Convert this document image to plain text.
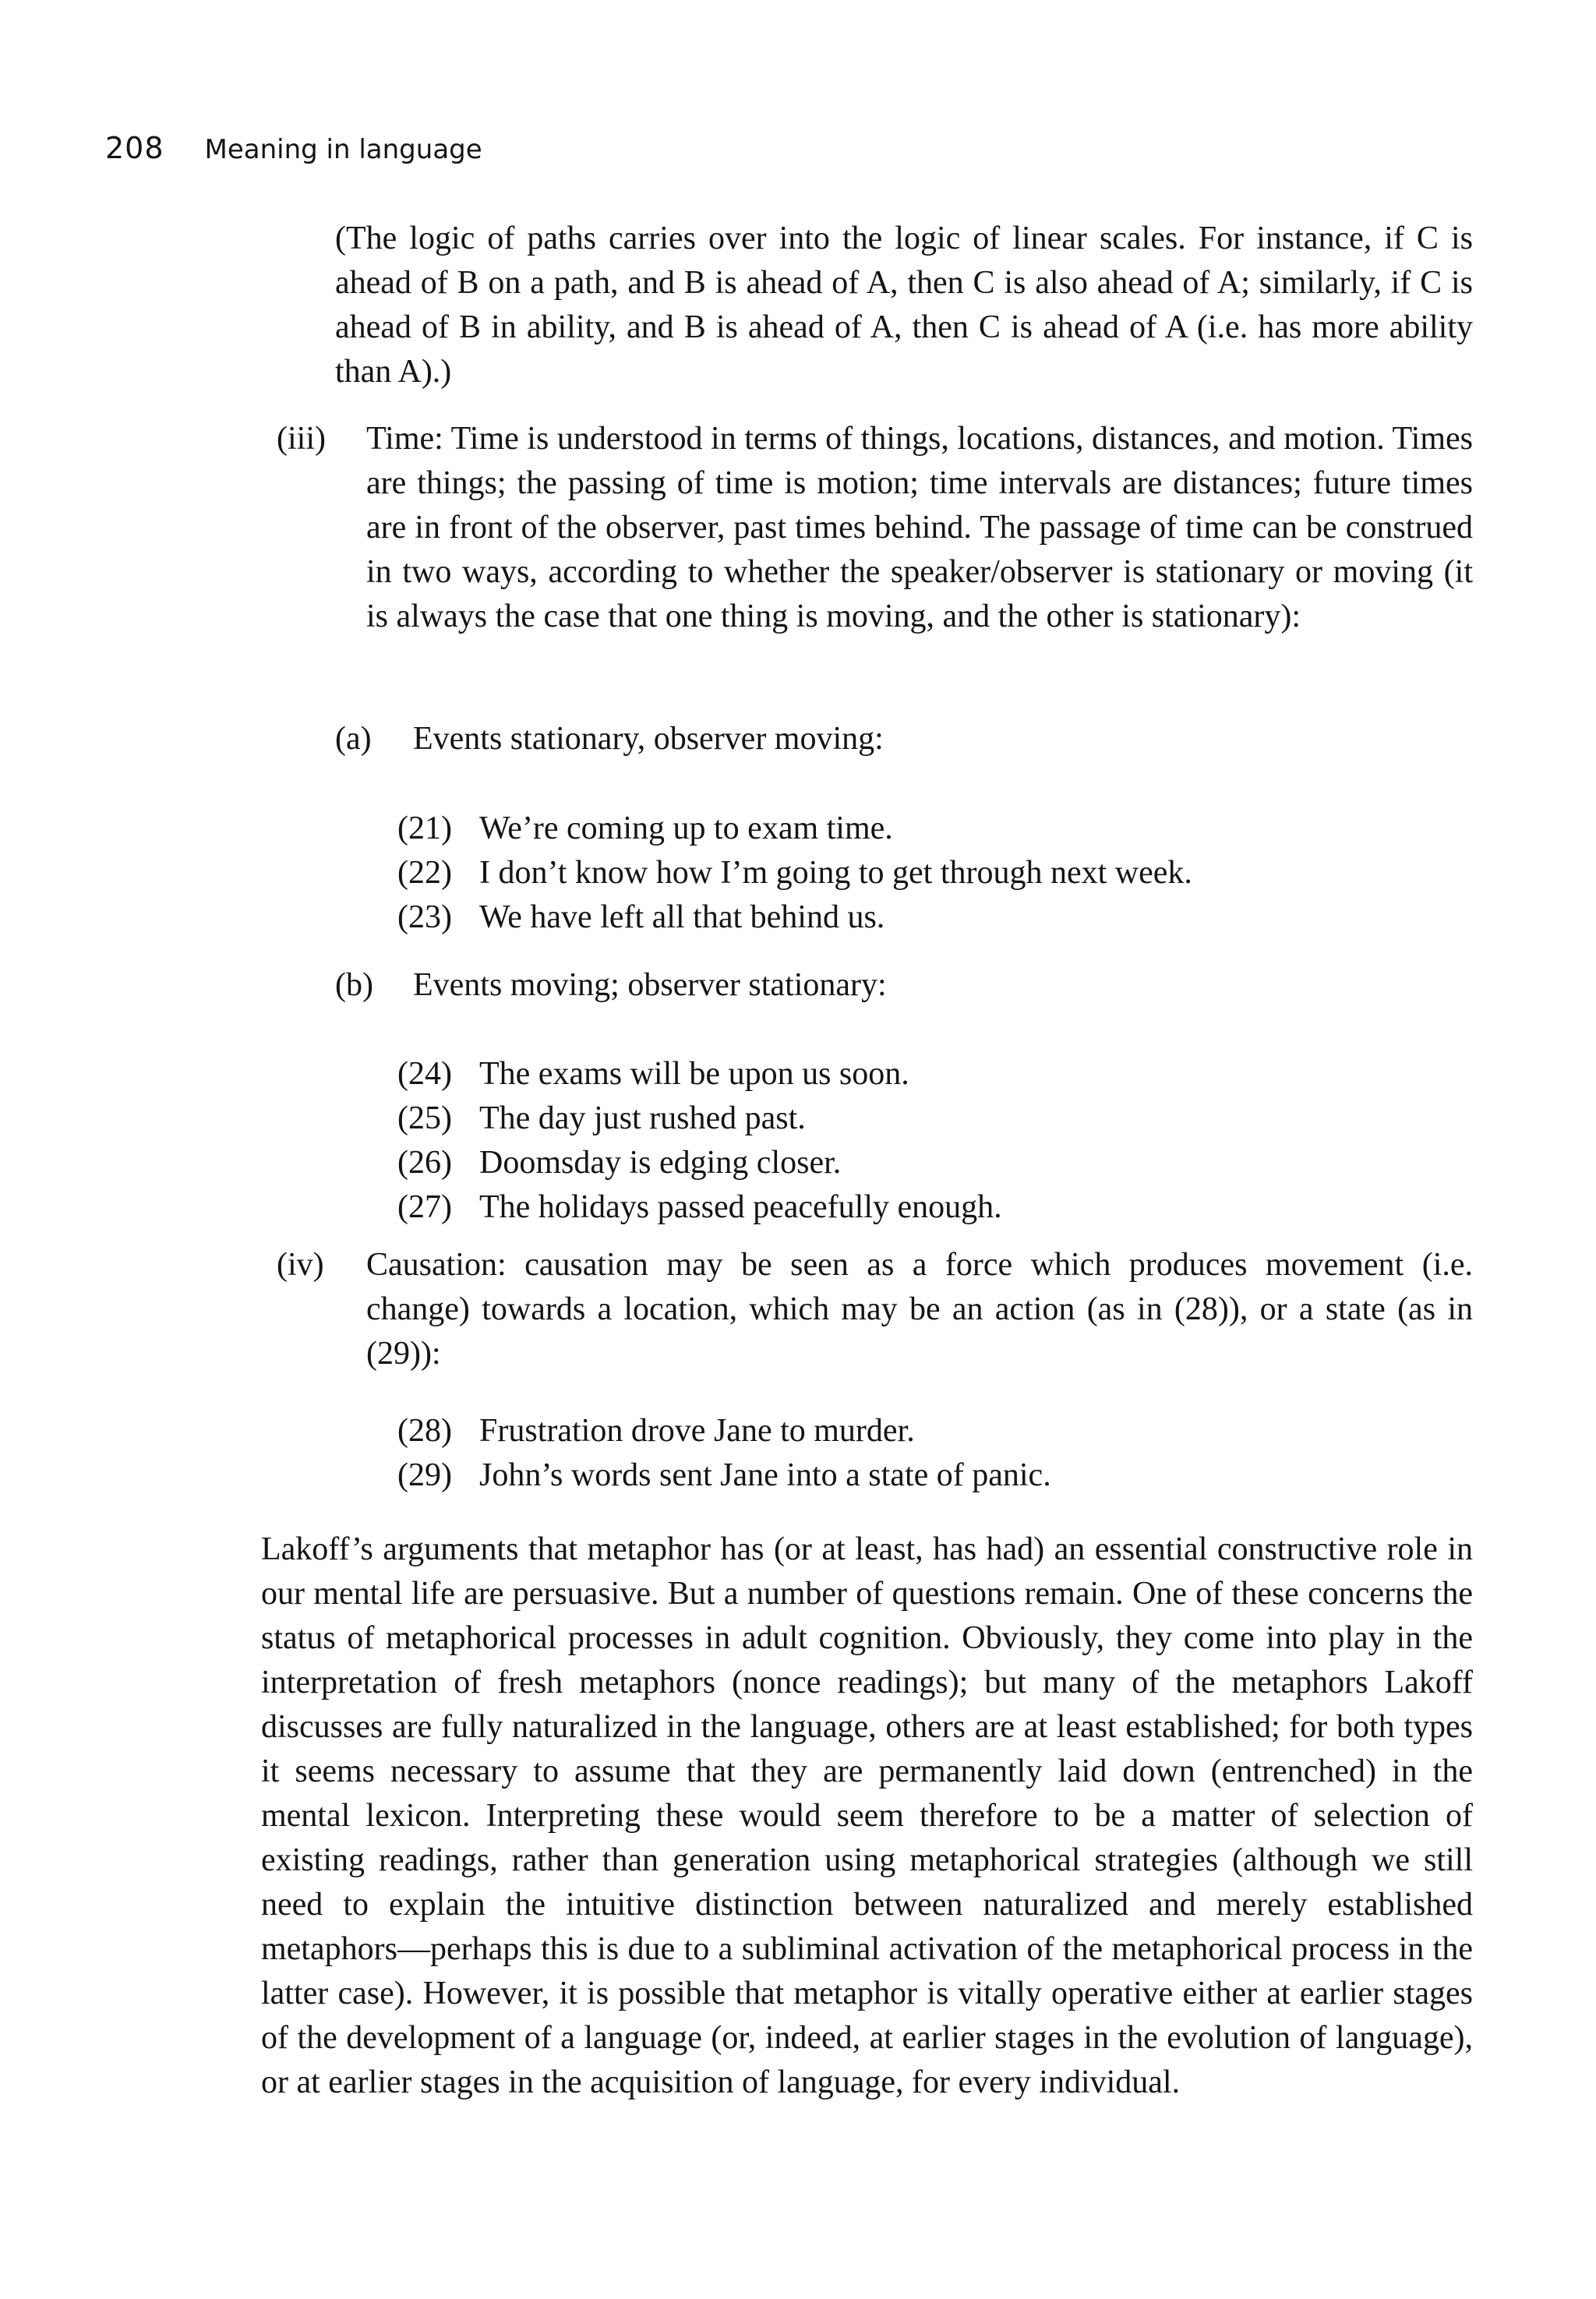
208 Meaning in language

(The logic of paths carries over into the logic of linear scales. For instance, if C is ahead of B on a path, and B is ahead of A, then C is also ahead of A; similarly, if C is ahead of B in ability, and B is ahead of A, then C is ahead of A (i.e. has more ability than A).)

(iii) Time: Time is understood in terms of things, locations, distances, and motion. Times are things; the passing of time is motion; time intervals are distances; future times are in front of the observer, past times behind. The passage of time can be construed in two ways, according to whether the speaker/observer is stationary or moving (it is always the case that one thing is moving, and the other is stationary):

(a)	Events stationary, observer moving:
(21) We’re coming up to exam time.
(22) I don’t know how I’m going to get through next week.
(23) We have left all that behind us.
(b)	Events moving; observer stationary:
(24) The exams will be upon us soon.
(25) The day just rushed past.
(26) Doomsday is edging closer.
(27) The holidays passed peacefully enough.
(iv) Causation: causation may be seen as a force which produces movement (i.e. change) towards a location, which may be an action (as in (28)), or a state (as in (29)):

(28) Frustration drove Jane to murder.
(29) John’s words sent Jane into a state of panic.

Lakoff’s arguments that metaphor has (or at least, has had) an essential constructive role in our mental life are persuasive. But a number of questions remain. One of these concerns the status of metaphorical processes in adult cognition. Obviously, they come into play in the interpretation of fresh metaphors (nonce readings); but many of the metaphors Lakoff discusses are fully naturalized in the language, others are at least established; for both types it seems necessary to assume that they are permanently laid down (entrenched) in the mental lexicon. Interpreting these would seem therefore to be a matter of selection of existing readings, rather than generation using metaphorical strategies (although we still need to explain the intuitive distinction between naturalized and merely established metaphors—perhaps this is due to a subliminal activation of the metaphorical process in the latter case). However, it is possible that metaphor is vitally operative either at earlier stages of the development of a language (or, indeed, at earlier stages in the evolution of language), or at earlier stages in the acquisition of language, for every individual.
